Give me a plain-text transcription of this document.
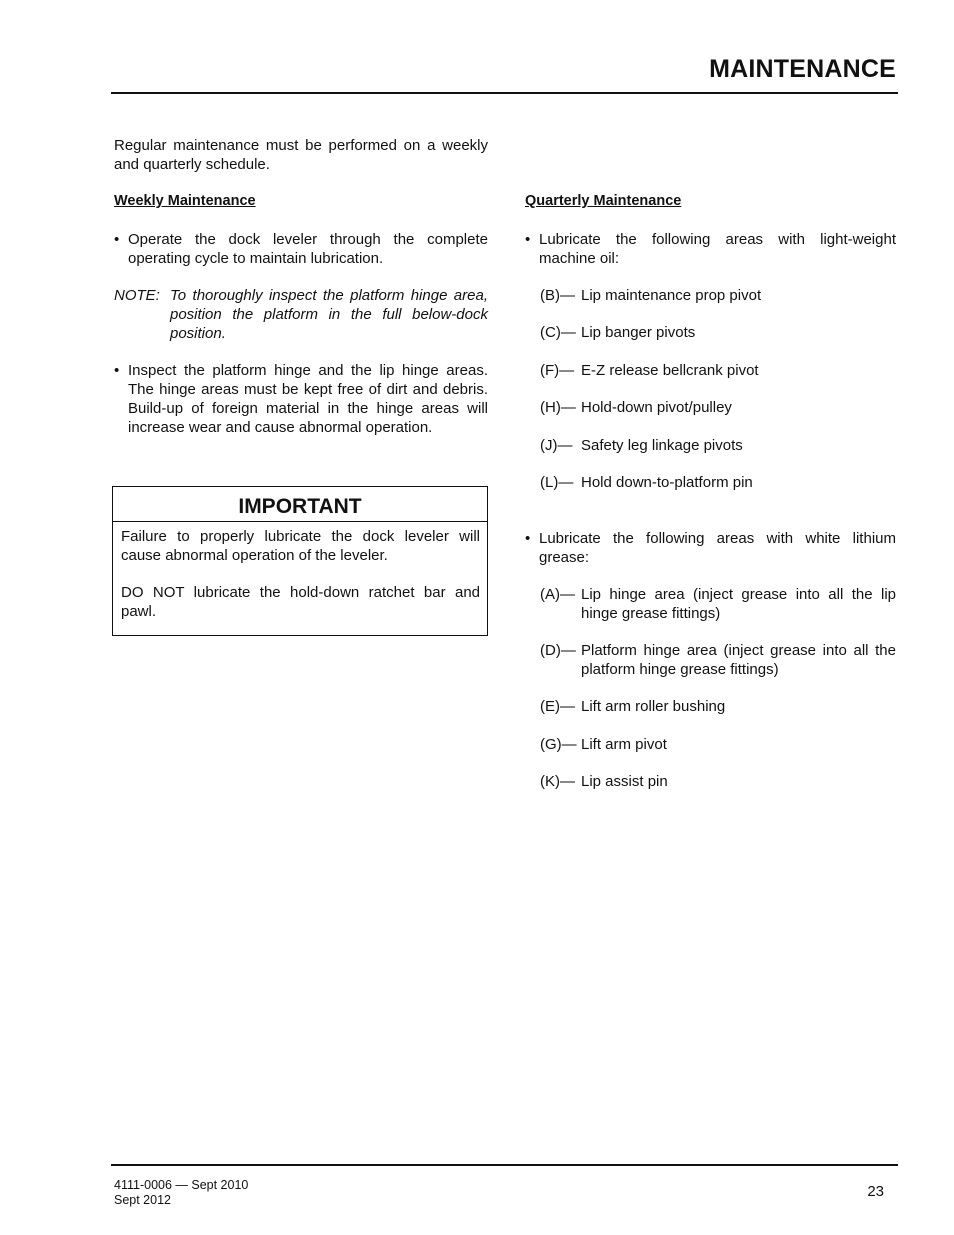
MAINTENANCE

Regular maintenance must be performed on a weekly and quarterly schedule.

Weekly Maintenance

• Operate the dock leveler through the complete operating cycle to maintain lubrication.
NOTE: To thoroughly inspect the platform hinge area, position the platform in the full below-dock position.
• Inspect the platform hinge and the lip hinge areas. The hinge areas must be kept free of dirt and debris. Build-up of foreign material in the hinge areas will increase wear and cause abnormal operation.
IMPORTANT

Failure to properly lubricate the dock leveler will cause abnormal operation of the leveler.

DO NOT lubricate the hold-down ratchet bar and pawl.

Quarterly Maintenance

• Lubricate the following areas with light-weight machine oil:
(B)— Lip maintenance prop pivot
(C)— Lip banger pivots
(F)— E-Z release bellcrank pivot
(H)— Hold-down pivot/pulley
(J)— Safety leg linkage pivots
(L)— Hold down-to-platform pin
• Lubricate the following areas with white lithium grease:
(A)— Lip hinge area (inject grease into all the lip hinge grease fittings)
(D)— Platform hinge area (inject grease into all the platform hinge grease fittings)
(E)— Lift arm roller bushing
(G)— Lift arm pivot
(K)— Lip assist pin
4111-0006 — Sept 2010
Sept 2012	23
